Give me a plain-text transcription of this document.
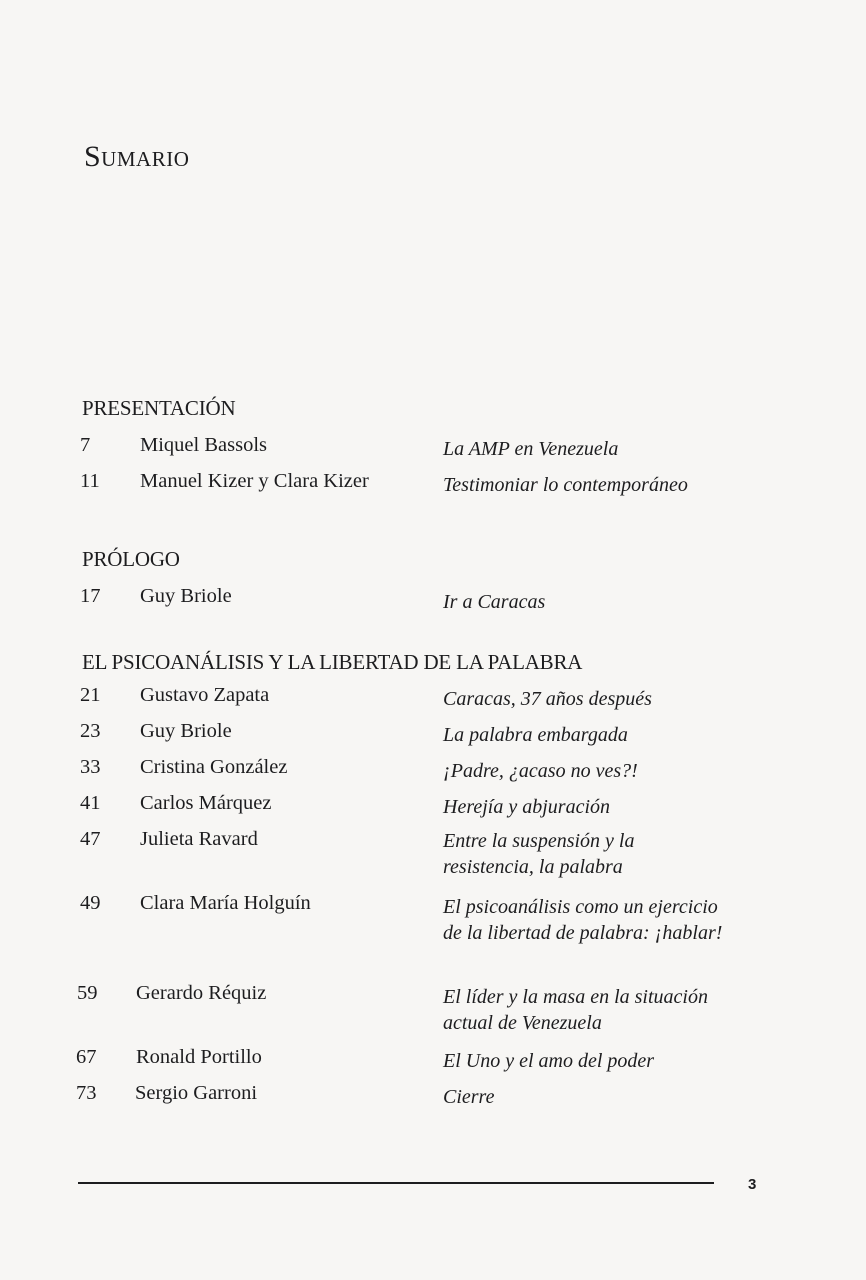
Sumario
PRESENTACIÓN
7	Miquel Bassols	La AMP en Venezuela
11	Manuel Kizer y Clara Kizer	Testimoniar lo contemporáneo
PRÓLOGO
17	Guy Briole	Ir a Caracas
EL PSICOANÁLISIS Y LA LIBERTAD DE LA PALABRA
21	Gustavo Zapata	Caracas, 37 años después
23	Guy Briole	La palabra embargada
33	Cristina González	¡Padre, ¿acaso no ves?!
41	Carlos Márquez	Herejía y abjuración
47	Julieta Ravard	Entre la suspensión y la resistencia, la palabra
49	Clara María Holguín	El psicoanálisis como un ejercicio de la libertad de palabra: ¡hablar!
59	Gerardo Réquiz	El líder y la masa en la situación actual de Venezuela
67	Ronald Portillo	El Uno y el amo del poder
73	Sergio Garroni	Cierre
3
